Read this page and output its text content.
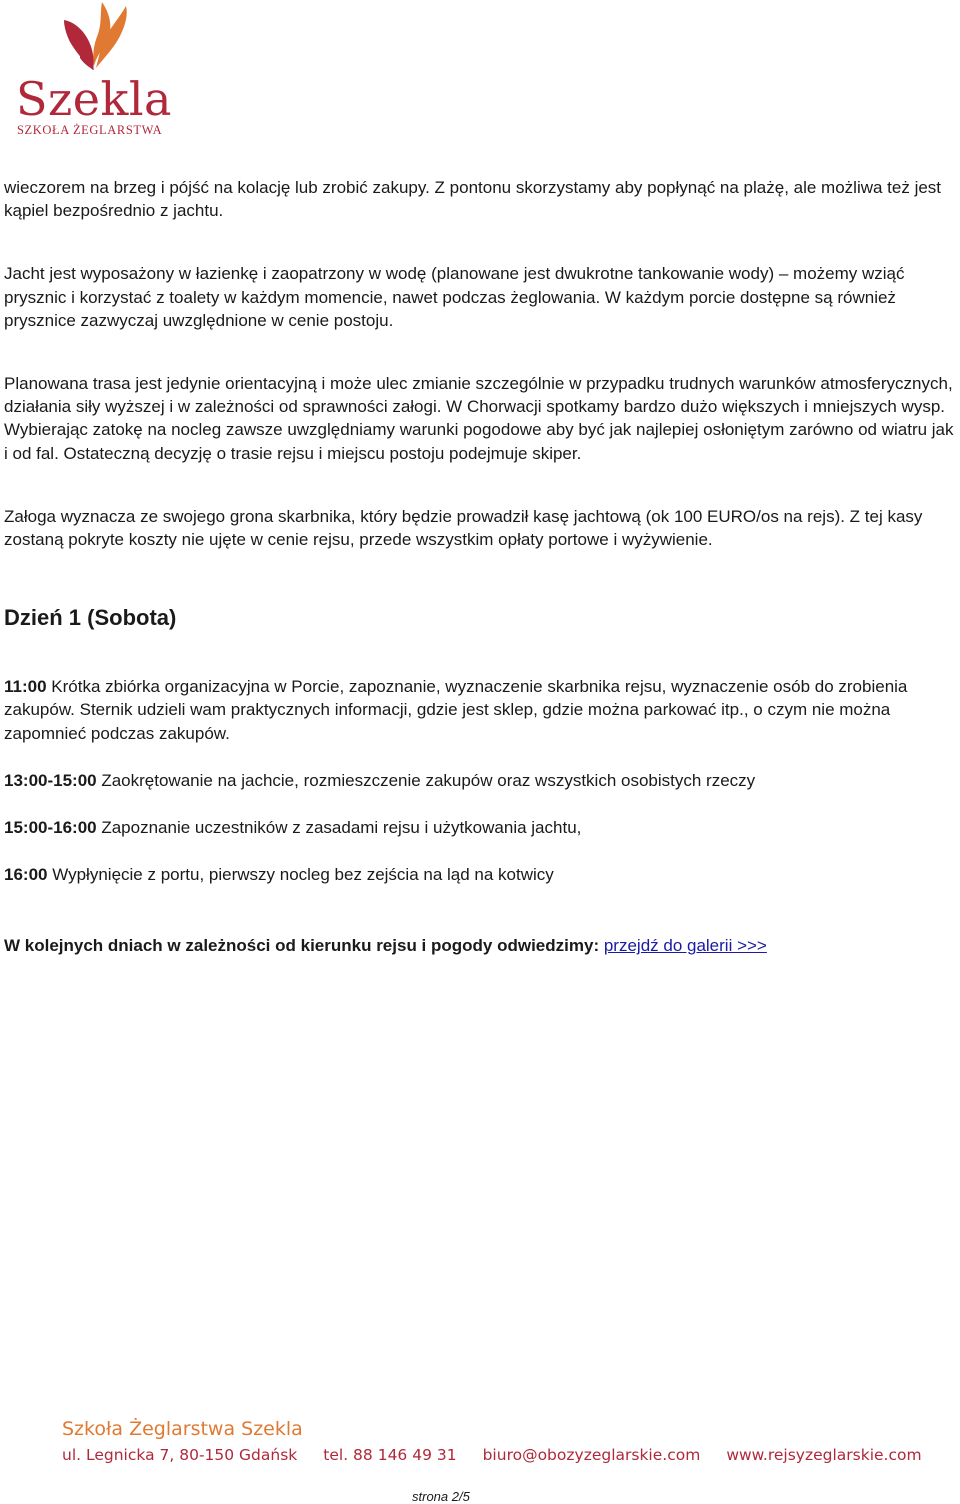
Szekla
SZKOŁA ŻEGLARSTWA

wieczorem na brzeg i pójść na kolację lub zrobić zakupy. Z pontonu skorzystamy aby popłynąć na plażę, ale możliwa też jest kąpiel bezpośrednio z jachtu.

Jacht jest wyposażony w łazienkę i zaopatrzony w wodę (planowane jest dwukrotne tankowanie wody) – możemy wziąć prysznic i korzystać z toalety w każdym momencie, nawet podczas żeglowania. W każdym porcie dostępne są również prysznice zazwyczaj uwzględnione w cenie postoju.

Planowana trasa jest jedynie orientacyjną i może ulec zmianie szczególnie w przypadku trudnych warunków atmosferycznych, działania siły wyższej i w zależności od sprawności załogi. W Chorwacji spotkamy bardzo dużo większych i mniejszych wysp. Wybierając zatokę na nocleg zawsze uwzględniamy warunki pogodowe aby być jak najlepiej osłoniętym zarówno od wiatru jak i od fal. Ostateczną decyzję o trasie rejsu i miejscu postoju podejmuje skiper.

Załoga wyznacza ze swojego grona skarbnika, który będzie prowadził kasę jachtową (ok 100 EURO/os na rejs). Z tej kasy zostaną pokryte koszty nie ujęte w cenie rejsu, przede wszystkim opłaty portowe i wyżywienie.

Dzień 1 (Sobota)

11:00 Krótka zbiórka organizacyjna w Porcie, zapoznanie, wyznaczenie skarbnika rejsu, wyznaczenie osób do zrobienia zakupów. Sternik udzieli wam praktycznych informacji, gdzie jest sklep, gdzie można parkować itp., o czym nie można zapomnieć podczas zakupów.

13:00-15:00 Zaokrętowanie na jachcie, rozmieszczenie zakupów oraz wszystkich osobistych rzeczy

15:00-16:00 Zapoznanie uczestników z zasadami rejsu i użytkowania jachtu,

16:00 Wypłynięcie z portu, pierwszy nocleg bez zejścia na ląd na kotwicy

W kolejnych dniach w zależności od kierunku rejsu i pogody odwiedzimy: przejdź do galerii >>>

Szkoła Żeglarstwa Szekla
ul. Legnicka 7, 80-150 Gdańsk tel. 88 146 49 31 biuro@obozyzeglarskie.com www.rejsyzeglarskie.com
strona 2/5
